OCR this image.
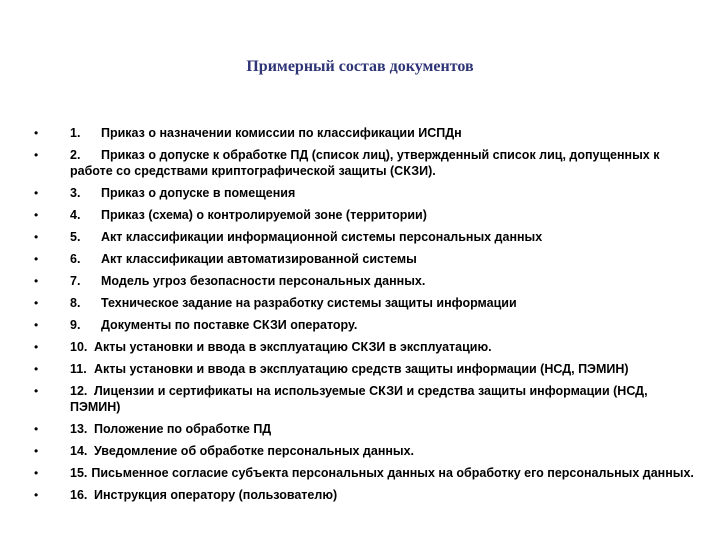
Примерный состав документов
•	1. Приказ о назначении комиссии по классификации ИСПДн
•	2. Приказ о допуске к обработке ПД (список лиц), утвержденный список лиц, допущенных к работе со средствами криптографической защиты (СКЗИ).
•	3. Приказ о допуске в помещения
•	4. Приказ (схема) о контролируемой зоне (территории)
•	5. Акт классификации информационной системы персональных данных
•	6. Акт классификации автоматизированной системы
•	7. Модель угроз безопасности персональных данных.
•	8. Техническое задание на разработку системы защиты информации
•	9. Документы по поставке СКЗИ оператору.
•	10. Акты установки и ввода в эксплуатацию СКЗИ в эксплуатацию.
•	11. Акты установки и ввода в эксплуатацию средств защиты информации (НСД, ПЭМИН)
•	12. Лицензии и сертификаты на используемые СКЗИ и средства защиты информации (НСД, ПЭМИН)
•	13. Положение по обработке ПД
•	14. Уведомление об обработке персональных данных.
•	15. Письменное согласие субъекта персональных данных на обработку его персональных данных.
•	16. Инструкция оператору (пользователю)
